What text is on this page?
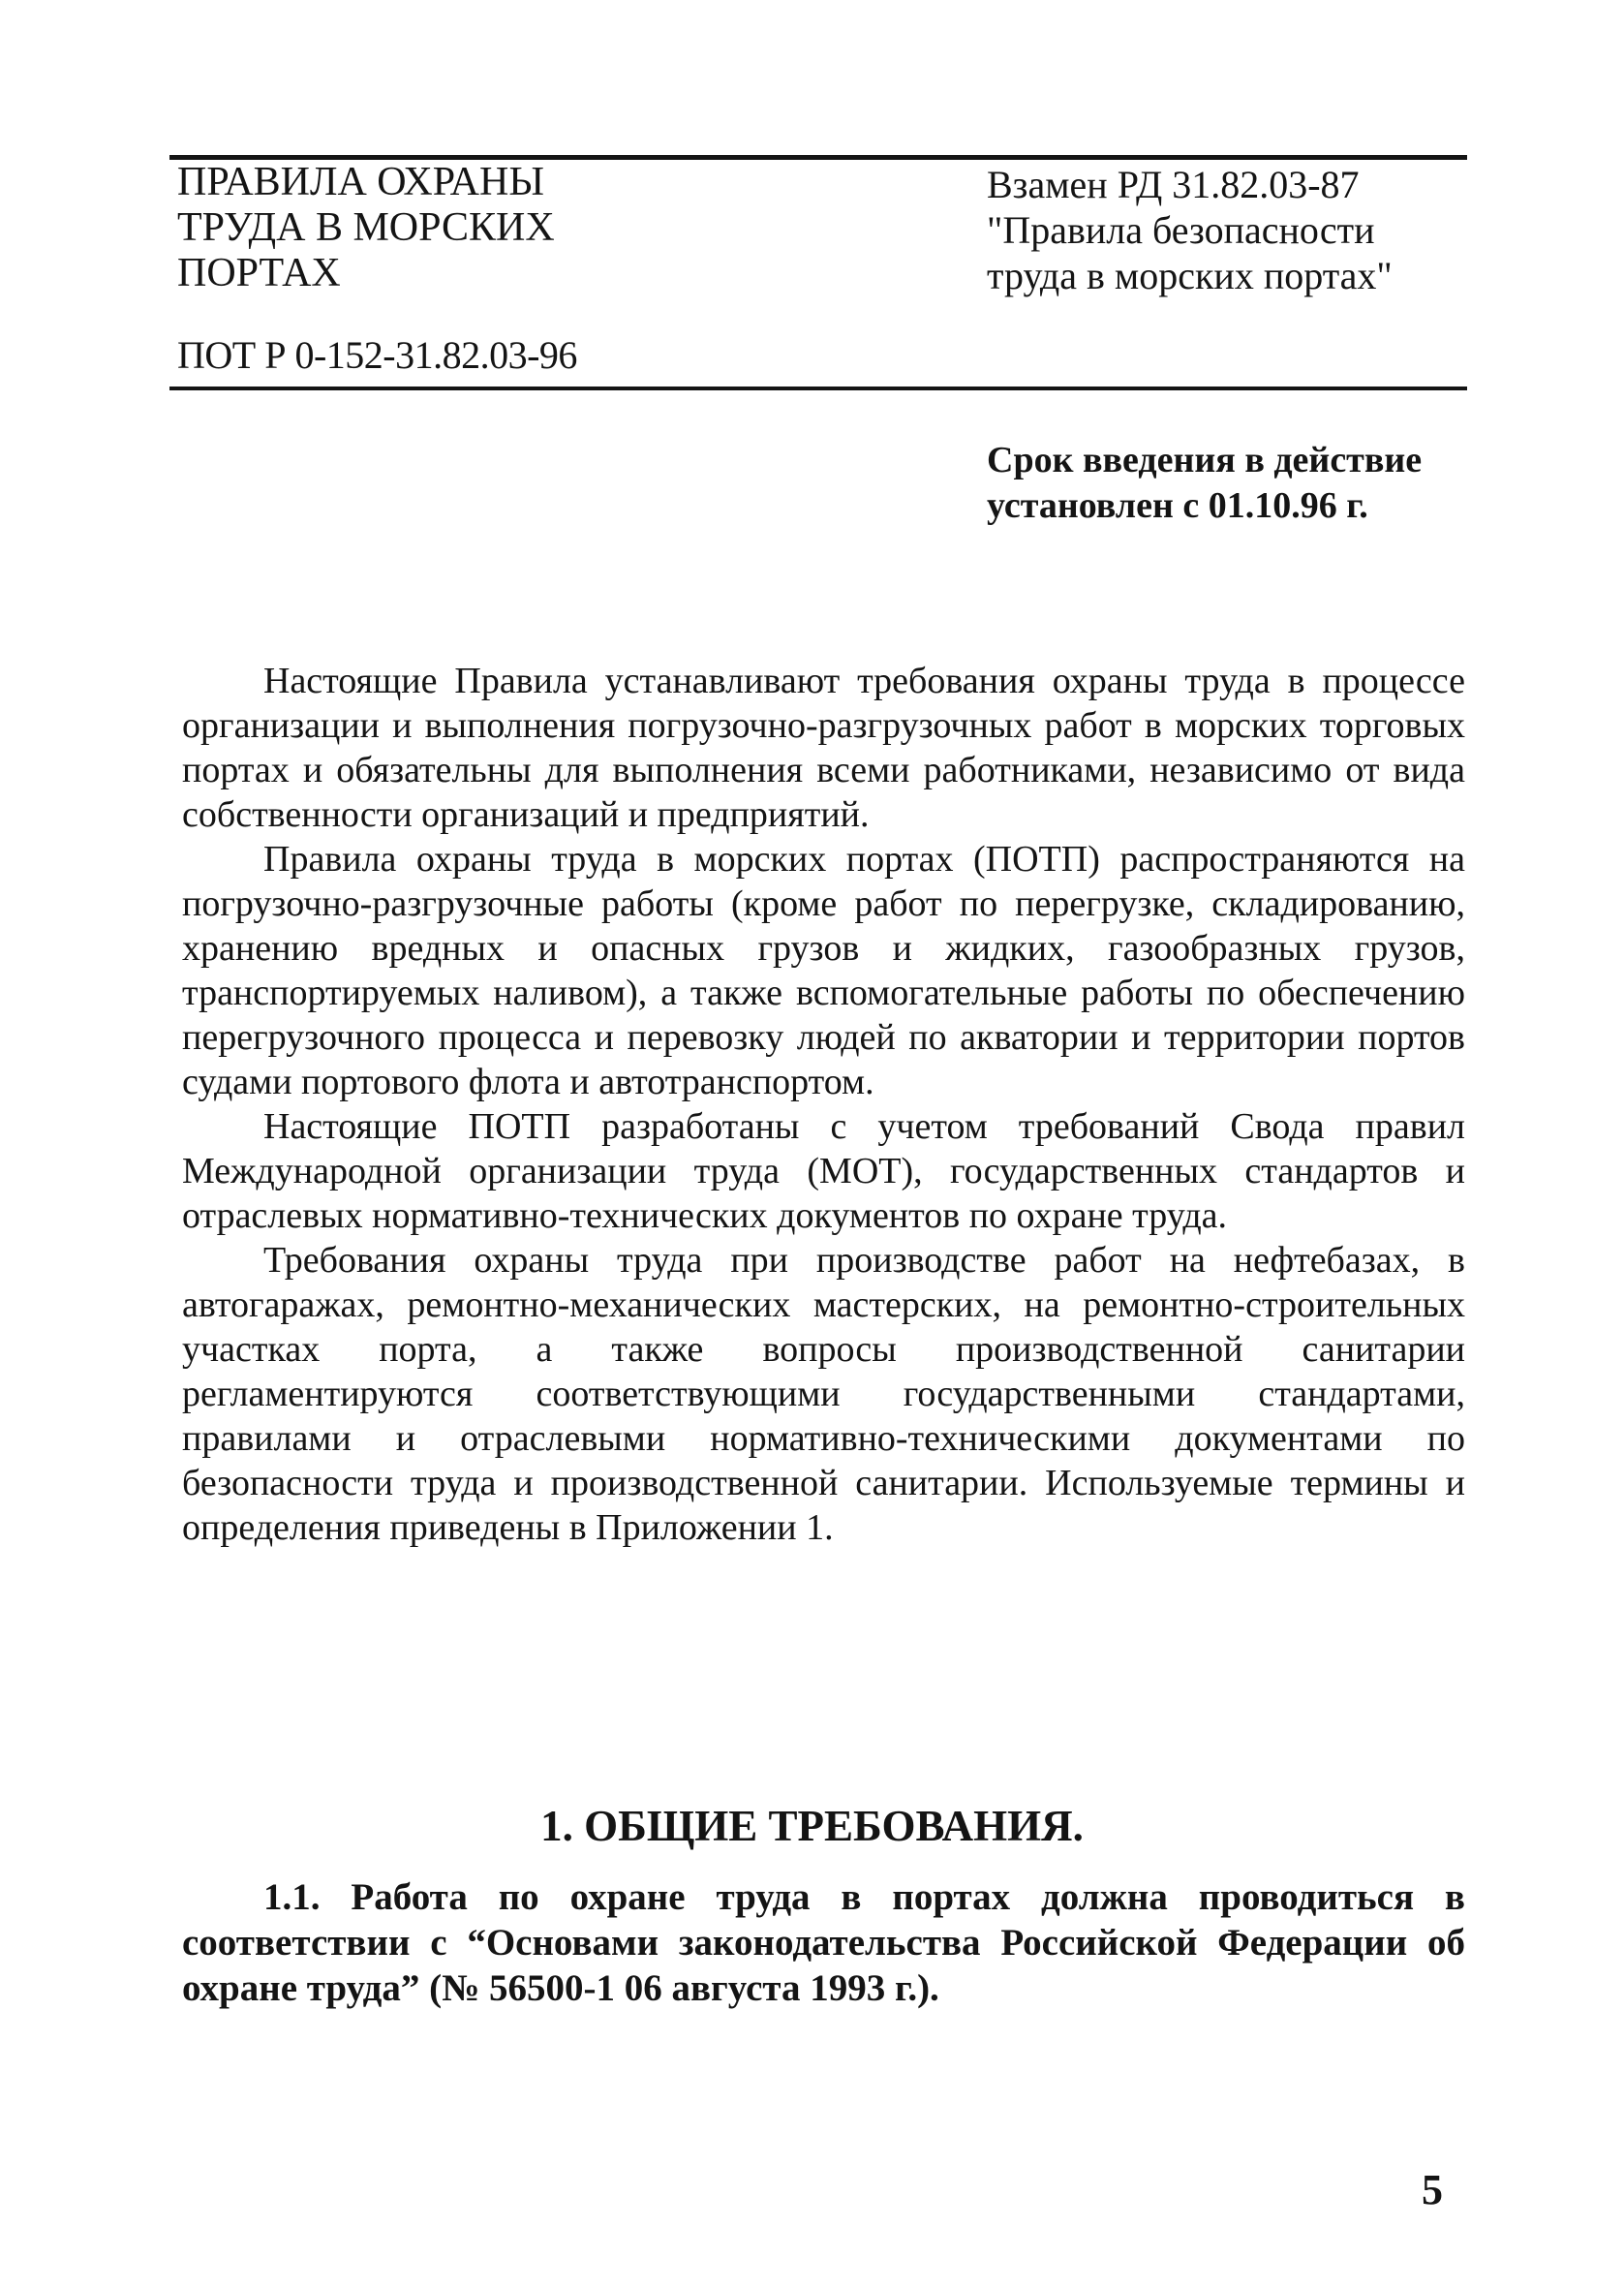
ПРАВИЛА ОХРАНЫ
ТРУДА В МОРСКИХ
ПОРТАХ
Взамен РД 31.82.03-87
"Правила безопасности
труда в морских портах"
ПОТ Р 0-152-31.82.03-96
Срок введения в действие
установлен с 01.10.96 г.

Настоящие Правила устанавливают требования охраны труда в процессе организации и выполнения погрузочно-разгрузочных работ в морских торговых портах и обязательны для выполнения всеми работниками, независимо от вида собственности организаций и предприятий.

Правила охраны труда в морских портах (ПОТП) распространяются на погрузочно-разгрузочные работы (кроме работ по перегрузке, складированию, хранению вредных и опасных грузов и жидких, газообразных грузов, транспортируемых наливом), а также вспомогательные работы по обеспечению перегрузочного процесса и перевозку людей по акватории и территории портов судами портового флота и автотранспортом.

Настоящие ПОТП разработаны с учетом требований Свода правил Международной организации труда (МОТ), государственных стандартов и отраслевых нормативно-технических документов по охране труда.

Требования охраны труда при производстве работ на нефтебазах, в автогаражах, ремонтно-механических мастерских, на ремонтно-строительных участках порта, а также вопросы производственной санитарии регламентируются соответствующими государственными стандартами, правилами и отраслевыми нормативно-техническими документами по безопасности труда и производственной санитарии. Используемые термины и определения приведены в Приложении 1.

1. ОБЩИЕ ТРЕБОВАНИЯ.

1.1. Работа по охране труда в портах должна проводиться в соответствии с “Основами законодательства Российской Федерации об охране труда” (№ 56500-1 06 августа 1993 г.).

5
